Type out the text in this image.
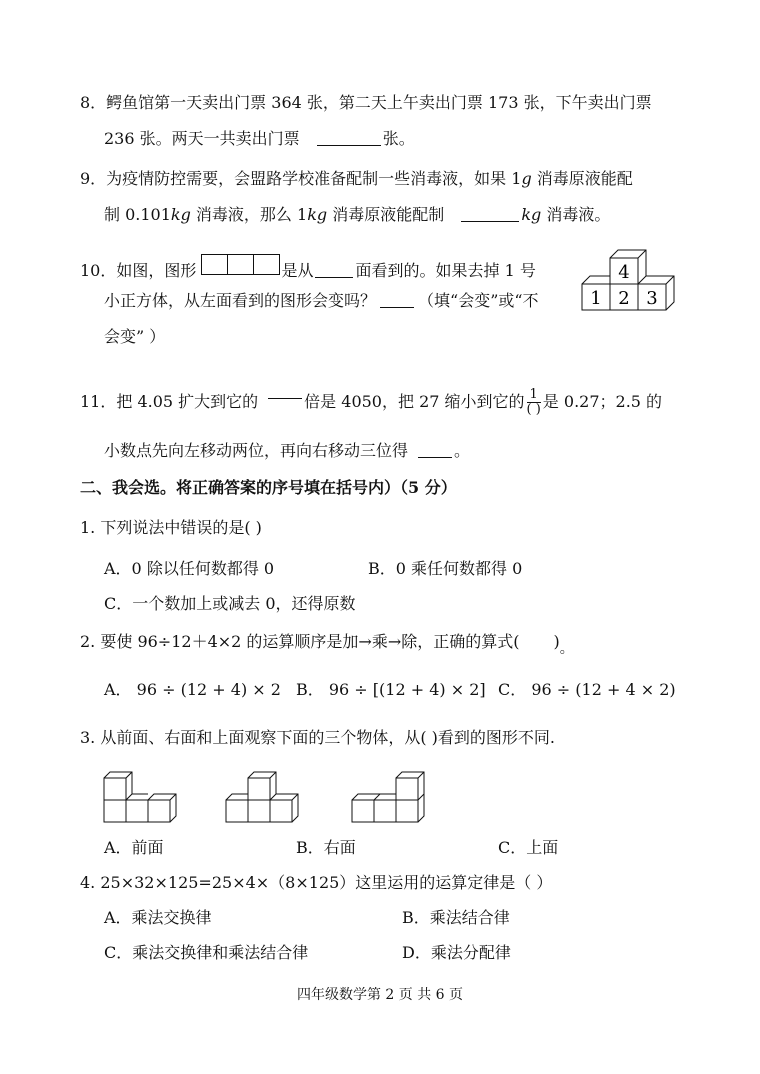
8．鳄鱼馆第一天卖出门票 364 张，第二天上午卖出门票 173 张，下午卖出门票
236 张。两天一共卖出门票	张。
9．为疫情防控需要，会盟路学校准备配制一些消毒液，如果 1g 消毒原液能配
制 0.101kg 消毒液，那么 1kg 消毒原液能配制	kg 消毒液。
10．如图，图形	是从	面看到的。如果去掉 1 号
小正方体，从左面看到的图形会变吗？	（填“会变”或“不
会变” ）
4
1 2 3
11．把 4.05 扩大到它的	倍是 4050，把 27 缩小到它的 $\frac{1}{( )}$ 是 0.27；2.5 的
小数点先向左移动两位，再向右移动三位得	。
二、我会选。将正确答案的序号填在括号内）（5 分）
1. 下列说法中错误的是( )
A．0 除以任何数都得 0	B．0 乘任何数都得 0
C．一个数加上或减去 0，还得原数
2. 要使 96÷12＋4×2 的运算顺序是加→乘→除，正确的算式( )。
A． 96 ÷ (12 + 4) × 2 B． 96 ÷ [(12 + 4) × 2] C． 96 ÷ (12 + 4 × 2)
3. 从前面、右面和上面观察下面的三个物体，从( )看到的图形不同.
A．前面	B．右面	C．上面
4. 25×32×125=25×4×（8×125）这里运用的运算定律是（ ）
A．乘法交换律	B．乘法结合律
C．乘法交换律和乘法结合律	D．乘法分配律
四年级数学第 2 页 共 6 页
